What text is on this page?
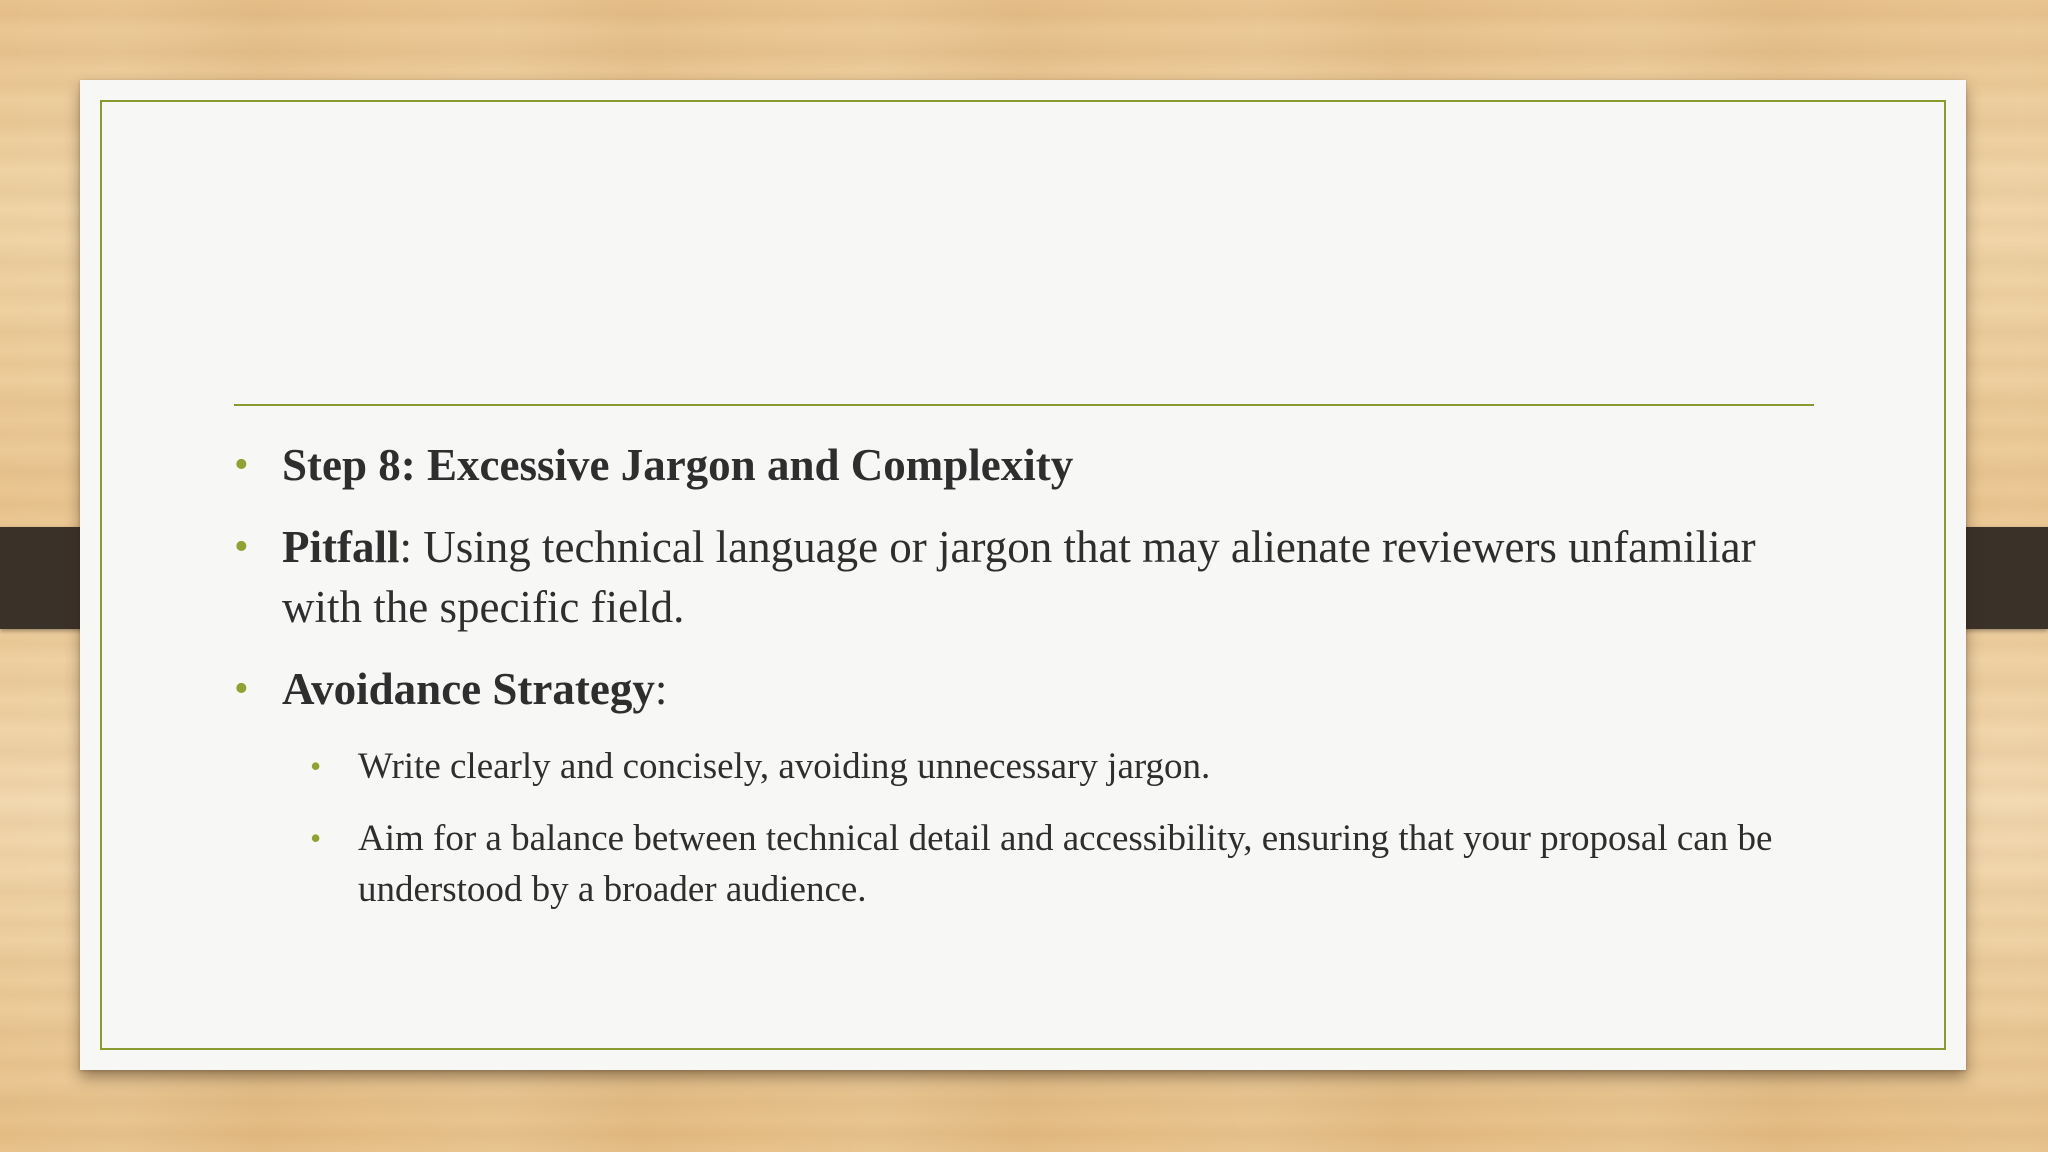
• Step 8: Excessive Jargon and Complexity
• Pitfall: Using technical language or jargon that may alienate reviewers unfamiliar with the specific field.
• Avoidance Strategy:
• Write clearly and concisely, avoiding unnecessary jargon.
• Aim for a balance between technical detail and accessibility, ensuring that your proposal can be understood by a broader audience.
